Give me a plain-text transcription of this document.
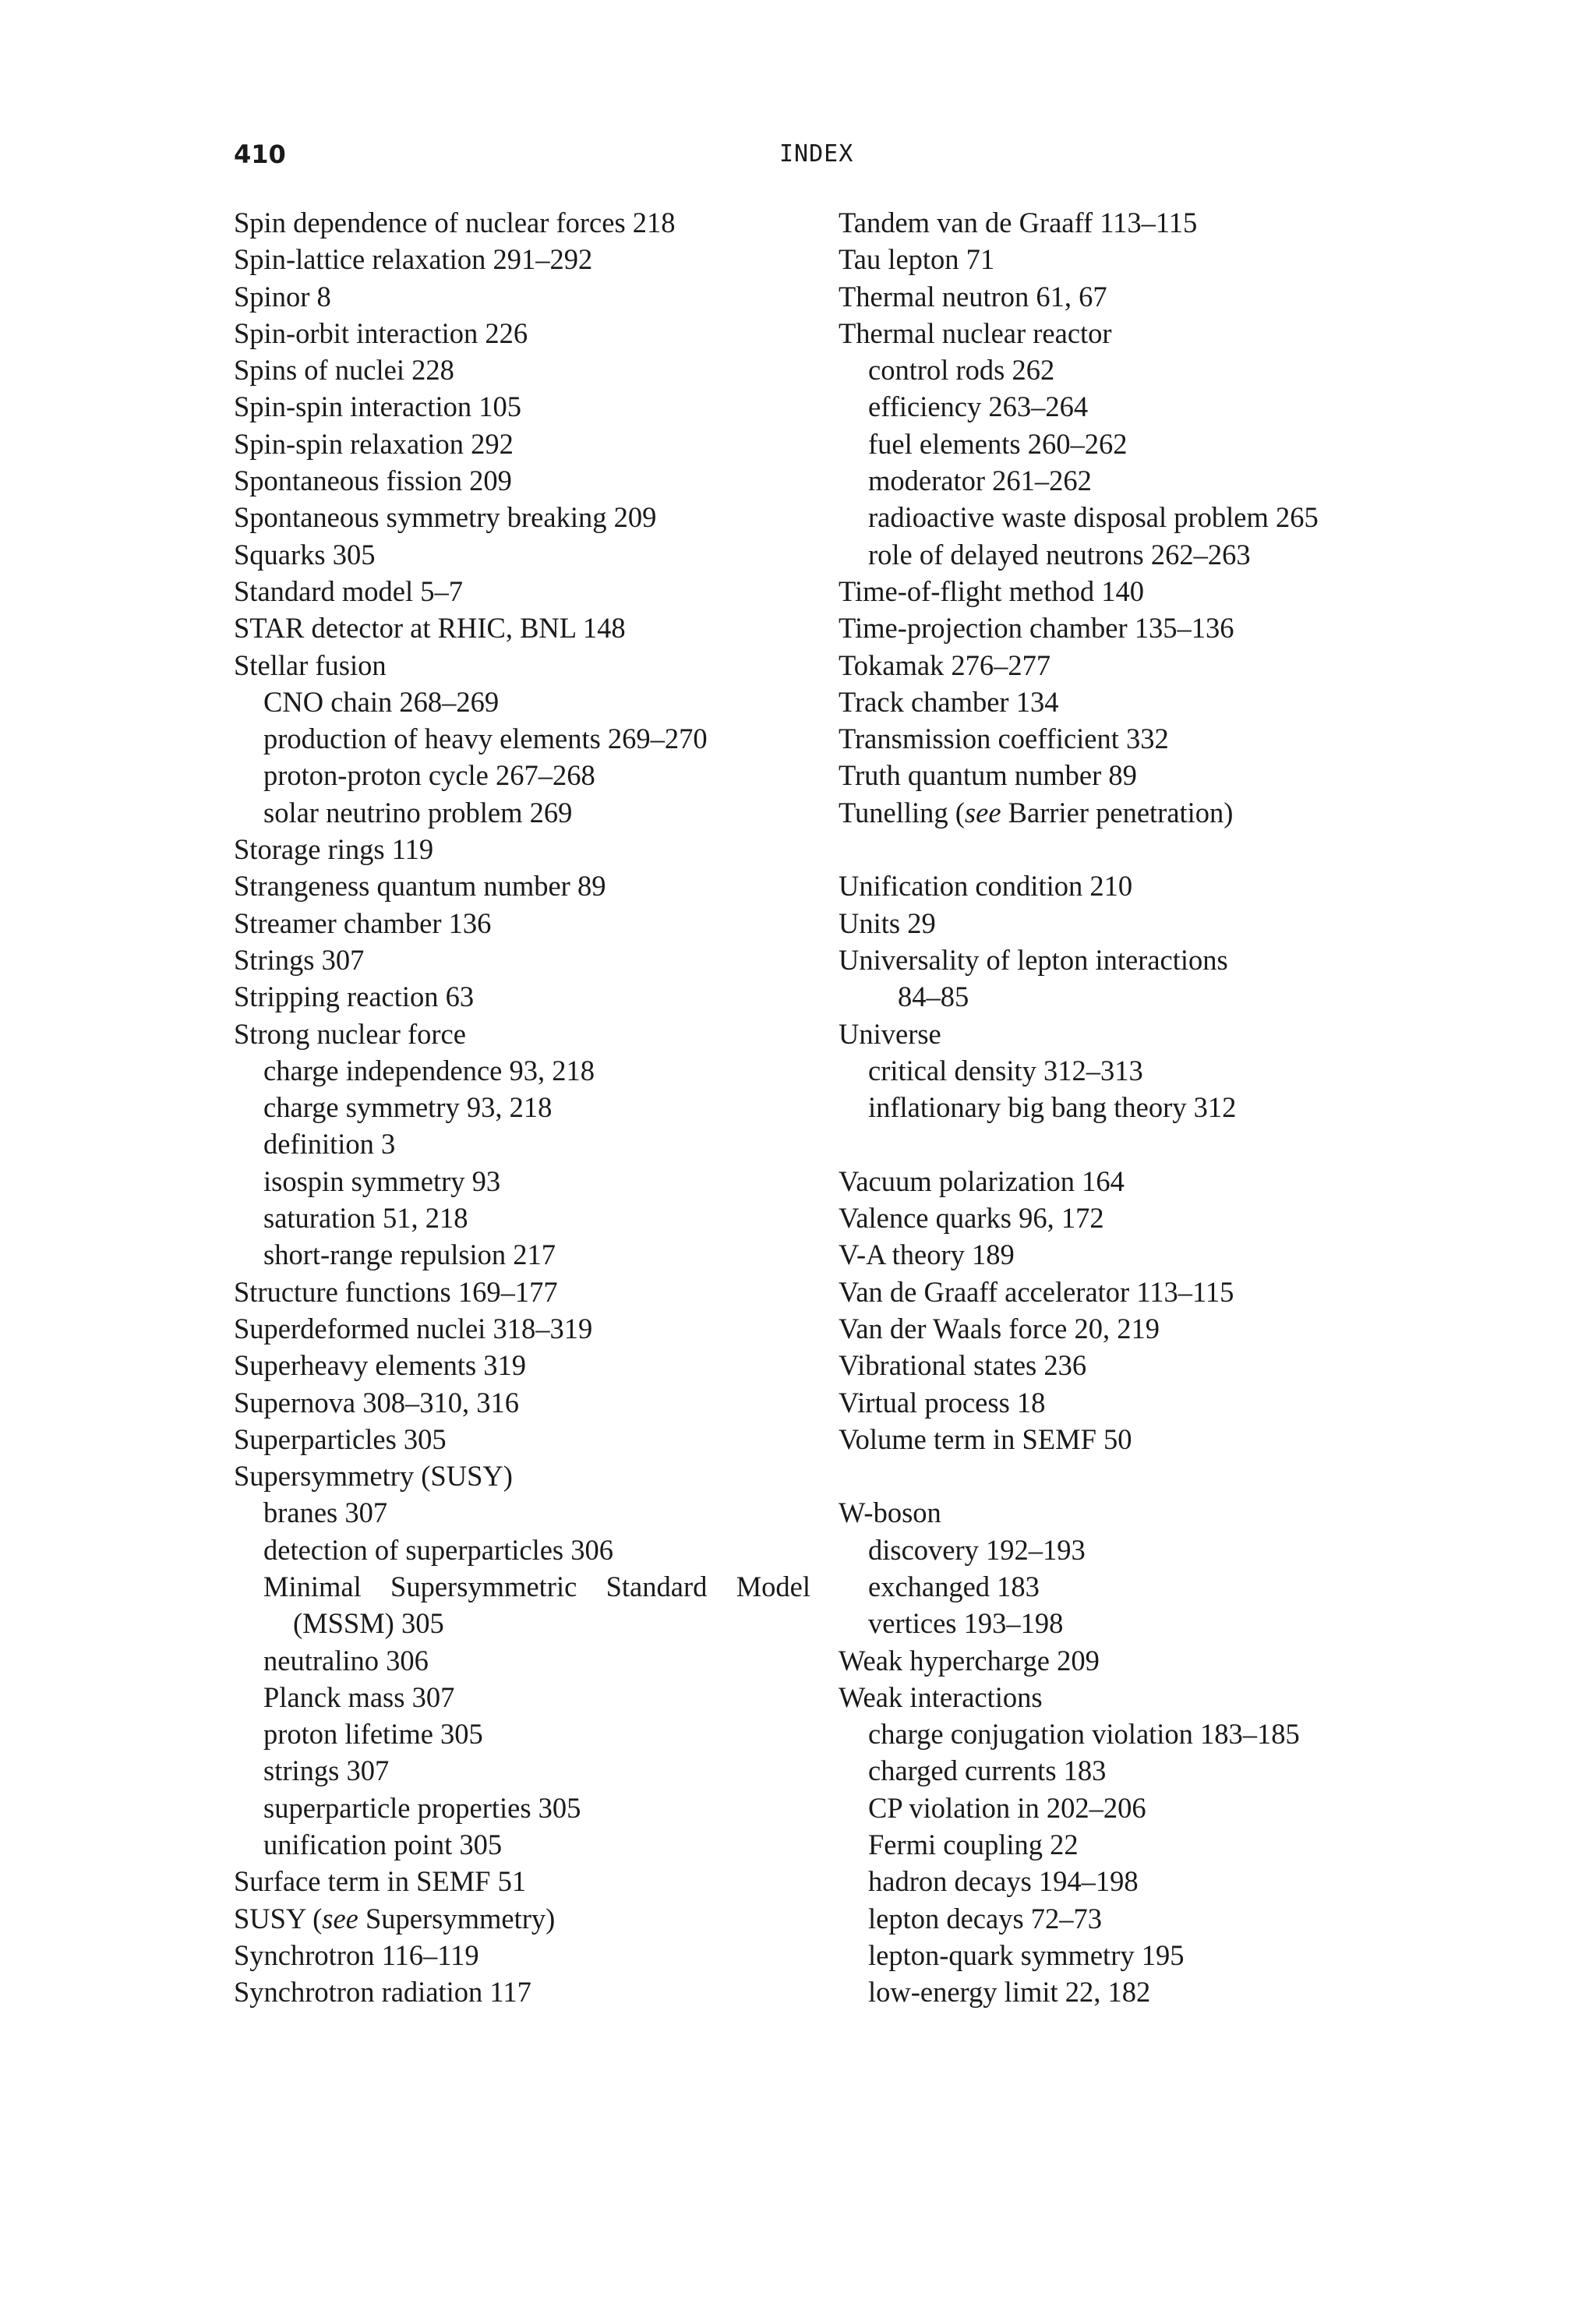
410	INDEX
Spin dependence of nuclear forces 218
Spin-lattice relaxation 291–292
Spinor 8
Spin-orbit interaction 226
Spins of nuclei 228
Spin-spin interaction 105
Spin-spin relaxation 292
Spontaneous fission 209
Spontaneous symmetry breaking 209
Squarks 305
Standard model 5–7
STAR detector at RHIC, BNL 148
Stellar fusion
CNO chain 268–269
production of heavy elements 269–270
proton-proton cycle 267–268
solar neutrino problem 269
Storage rings 119
Strangeness quantum number 89
Streamer chamber 136
Strings 307
Stripping reaction 63
Strong nuclear force
charge independence 93, 218
charge symmetry 93, 218
definition 3
isospin symmetry 93
saturation 51, 218
short-range repulsion 217
Structure functions 169–177
Superdeformed nuclei 318–319
Superheavy elements 319
Supernova 308–310, 316
Superparticles 305
Supersymmetry (SUSY)
branes 307
detection of superparticles 306
Minimal Supersymmetric Standard Model
(MSSM) 305
neutralino 306
Planck mass 307
proton lifetime 305
strings 307
superparticle properties 305
unification point 305
Surface term in SEMF 51
SUSY (see Supersymmetry)
Synchrotron 116–119
Synchrotron radiation 117
Tandem van de Graaff 113–115
Tau lepton 71
Thermal neutron 61, 67
Thermal nuclear reactor
control rods 262
efficiency 263–264
fuel elements 260–262
moderator 261–262
radioactive waste disposal problem 265
role of delayed neutrons 262–263
Time-of-flight method 140
Time-projection chamber 135–136
Tokamak 276–277
Track chamber 134
Transmission coefficient 332
Truth quantum number 89
Tunelling (see Barrier penetration)
Unification condition 210
Units 29
Universality of lepton interactions
84–85
Universe
critical density 312–313
inflationary big bang theory 312
Vacuum polarization 164
Valence quarks 96, 172
V-A theory 189
Van de Graaff accelerator 113–115
Van der Waals force 20, 219
Vibrational states 236
Virtual process 18
Volume term in SEMF 50
W-boson
discovery 192–193
exchanged 183
vertices 193–198
Weak hypercharge 209
Weak interactions
charge conjugation violation 183–185
charged currents 183
CP violation in 202–206
Fermi coupling 22
hadron decays 194–198
lepton decays 72–73
lepton-quark symmetry 195
low-energy limit 22, 182
